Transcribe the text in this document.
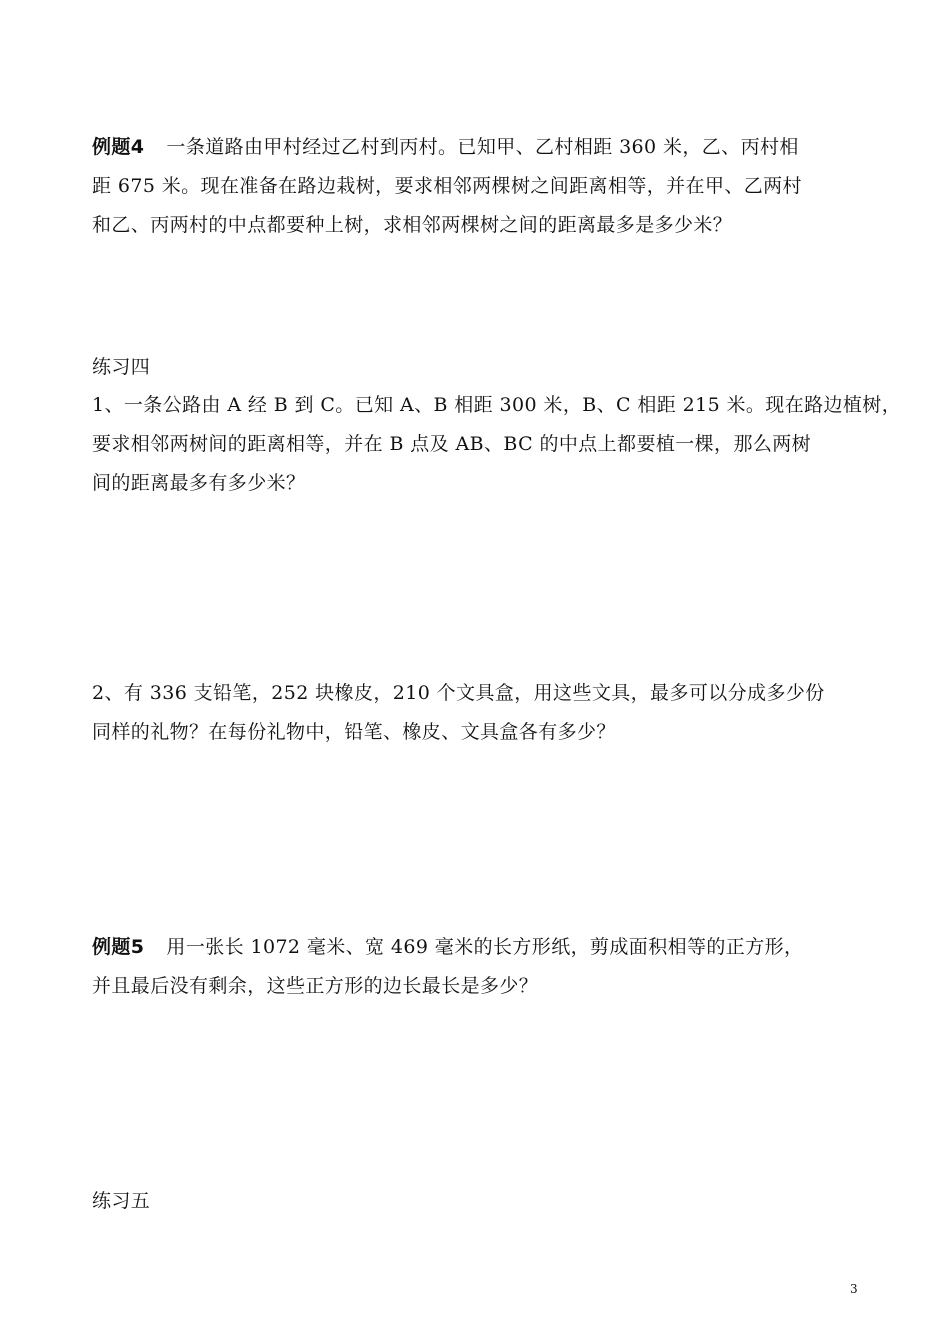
例题4 一条道路由甲村经过乙村到丙村。已知甲、乙村相距 360 米，乙、丙村相
距 675 米。现在准备在路边栽树，要求相邻两棵树之间距离相等，并在甲、乙两村
和乙、丙两村的中点都要种上树，求相邻两棵树之间的距离最多是多少米？
练习四
1、一条公路由 A 经 B 到 C。已知 A、B 相距 300 米，B、C 相距 215 米。现在路边植树，
要求相邻两树间的距离相等，并在 B 点及 AB、BC 的中点上都要植一棵，那么两树
间的距离最多有多少米？
2、有 336 支铅笔，252 块橡皮，210 个文具盒，用这些文具，最多可以分成多少份
同样的礼物？在每份礼物中，铅笔、橡皮、文具盒各有多少？
例题5 用一张长 1072 毫米、宽 469 毫米的长方形纸，剪成面积相等的正方形，
并且最后没有剩余，这些正方形的边长最长是多少？
练习五
3
